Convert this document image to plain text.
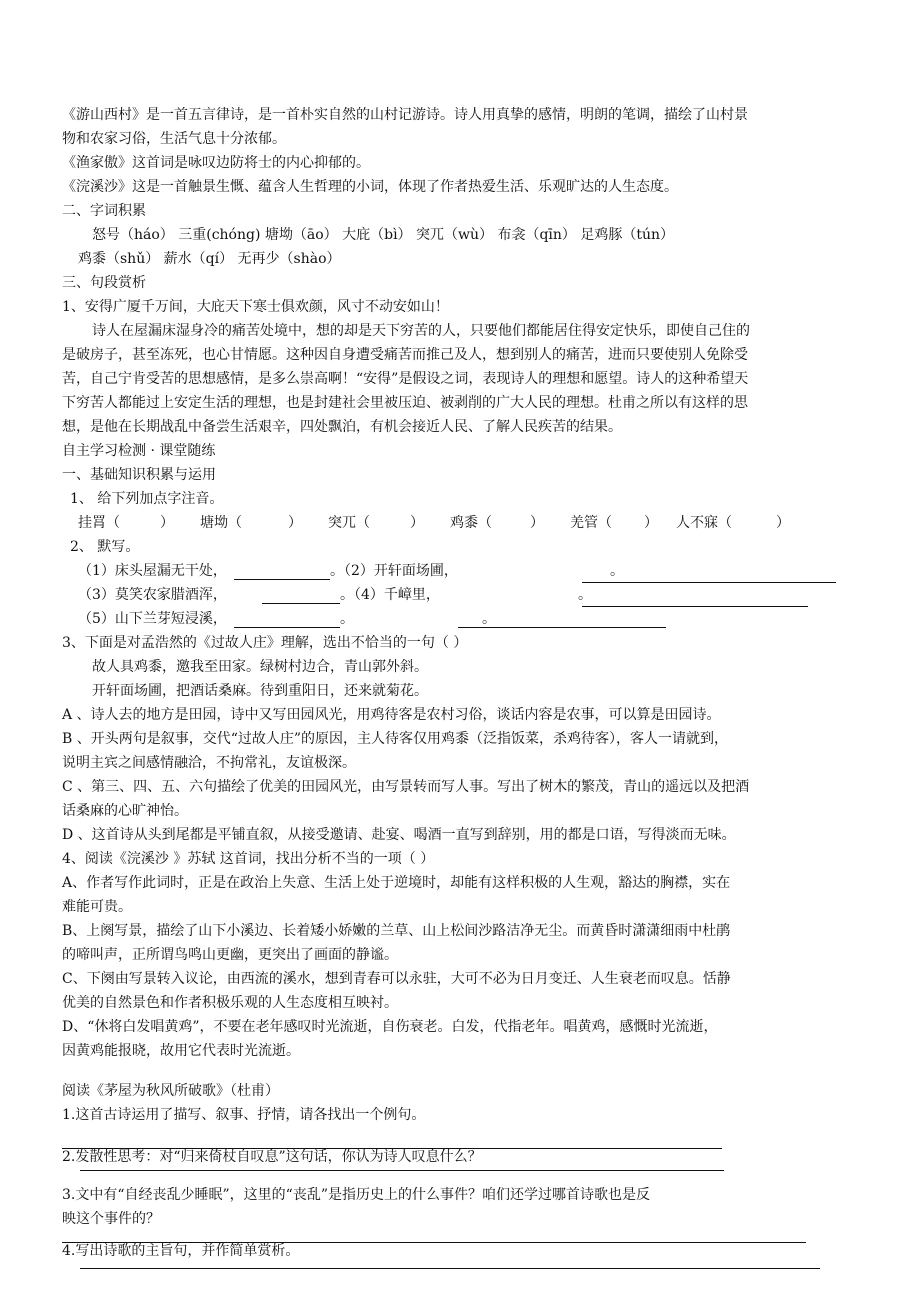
《游山西村》是一首五言律诗，是一首朴实自然的山村记游诗。诗人用真挚的感情，明朗的笔调，描绘了山村景
物和农家习俗，生活气息十分浓郁。
《渔家傲》这首词是咏叹边防将士的内心抑郁的。
《浣溪沙》这是一首触景生慨、蕴含人生哲理的小词，体现了作者热爱生活、乐观旷达的人生态度。
二、字词积累
怒号（háo） 三重(chóng) 塘坳（āo） 大庇（bì） 突兀（wù） 布衾（qīn） 足鸡豚（tún）
鸡黍（shǔ） 薪水（qí） 无再少（shào）
三、句段赏析
1、安得广厦千万间，大庇天下寒士俱欢颜，风寸不动安如山！
诗人在屋漏床湿身冷的痛苦处境中，想的却是天下穷苦的人，只要他们都能居住得安定快乐，即使自己住的
是破房子，甚至冻死，也心甘情愿。这种因自身遭受痛苦而推己及人，想到别人的痛苦，进而只要使别人免除受
苦，自己宁肯受苦的思想感情，是多么崇高啊！“安得”是假设之词，表现诗人的理想和愿望。诗人的这种希望天
下穷苦人都能过上安定生活的理想，也是封建社会里被压迫、被剥削的广大人民的理想。杜甫之所以有这样的思
想，是他在长期战乱中备尝生活艰辛，四处飘泊，有机会接近人民、了解人民疾苦的结果。
自主学习检测 · 课堂随练
一、基础知识积累与运用
1、 给下列加点字注音。
挂罥（	） 塘坳（	） 突兀（	） 鸡黍（	） 羌管（ ） 人不寐（	）
2、 默写。
（1）床头屋漏无干处，	。（2）开轩面场圃，	。
（3）莫笑农家腊酒浑，	。（4）千嶂里，	。
（5）山下兰芽短浸溪，	。	。
3、下面是对孟浩然的《过故人庄》理解，选出不恰当的一句（ ）
故人具鸡黍，邀我至田家。绿树村边合，青山郭外斜。
开轩面场圃，把酒话桑麻。待到重阳日，还来就菊花。
A 、诗人去的地方是田园，诗中又写田园风光，用鸡待客是农村习俗，谈话内容是农事，可以算是田园诗。
B 、开头两句是叙事，交代“过故人庄”的原因，主人待客仅用鸡黍（泛指饭菜，杀鸡待客），客人一请就到，
说明主宾之间感情融洽，不拘常礼，友谊极深。
C 、第三、四、五、六句描绘了优美的田园风光，由写景转而写人事。写出了树木的繁茂，青山的遥远以及把酒
话桑麻的心旷神怡。
D 、这首诗从头到尾都是平铺直叙，从接受邀请、赴宴、喝酒一直写到辞别，用的都是口语，写得淡而无味。
4、阅读《浣溪沙 》苏轼 这首词，找出分析不当的一项（ ）
A、作者写作此词时，正是在政治上失意、生活上处于逆境时，却能有这样积极的人生观，豁达的胸襟，实在
难能可贵。
B、上阕写景，描绘了山下小溪边、长着矮小娇嫩的兰草、山上松间沙路洁净无尘。而黄昏时潇潇细雨中杜鹃
的啼叫声，正所谓鸟鸣山更幽，更突出了画面的静谧。
C、下阕由写景转入议论，由西流的溪水，想到青春可以永驻，大可不必为日月变迁、人生衰老而叹息。恬静
优美的自然景色和作者积极乐观的人生态度相互映衬。
D、“休将白发唱黄鸡”，不要在老年感叹时光流逝，自伤衰老。白发，代指老年。唱黄鸡，感慨时光流逝，
因黄鸡能报晓，故用它代表时光流逝。
阅读《茅屋为秋风所破歌》（杜甫）
1.这首古诗运用了描写、叙事、抒情，请各找出一个例句。
2.发散性思考：对“归来倚杖自叹息”这句话，你认为诗人叹息什么？
3.文中有“自经丧乱少睡眠”，这里的“丧乱”是指历史上的什么事件？咱们还学过哪首诗歌也是反
映这个事件的？
4.写出诗歌的主旨句，并作简单赏析。
